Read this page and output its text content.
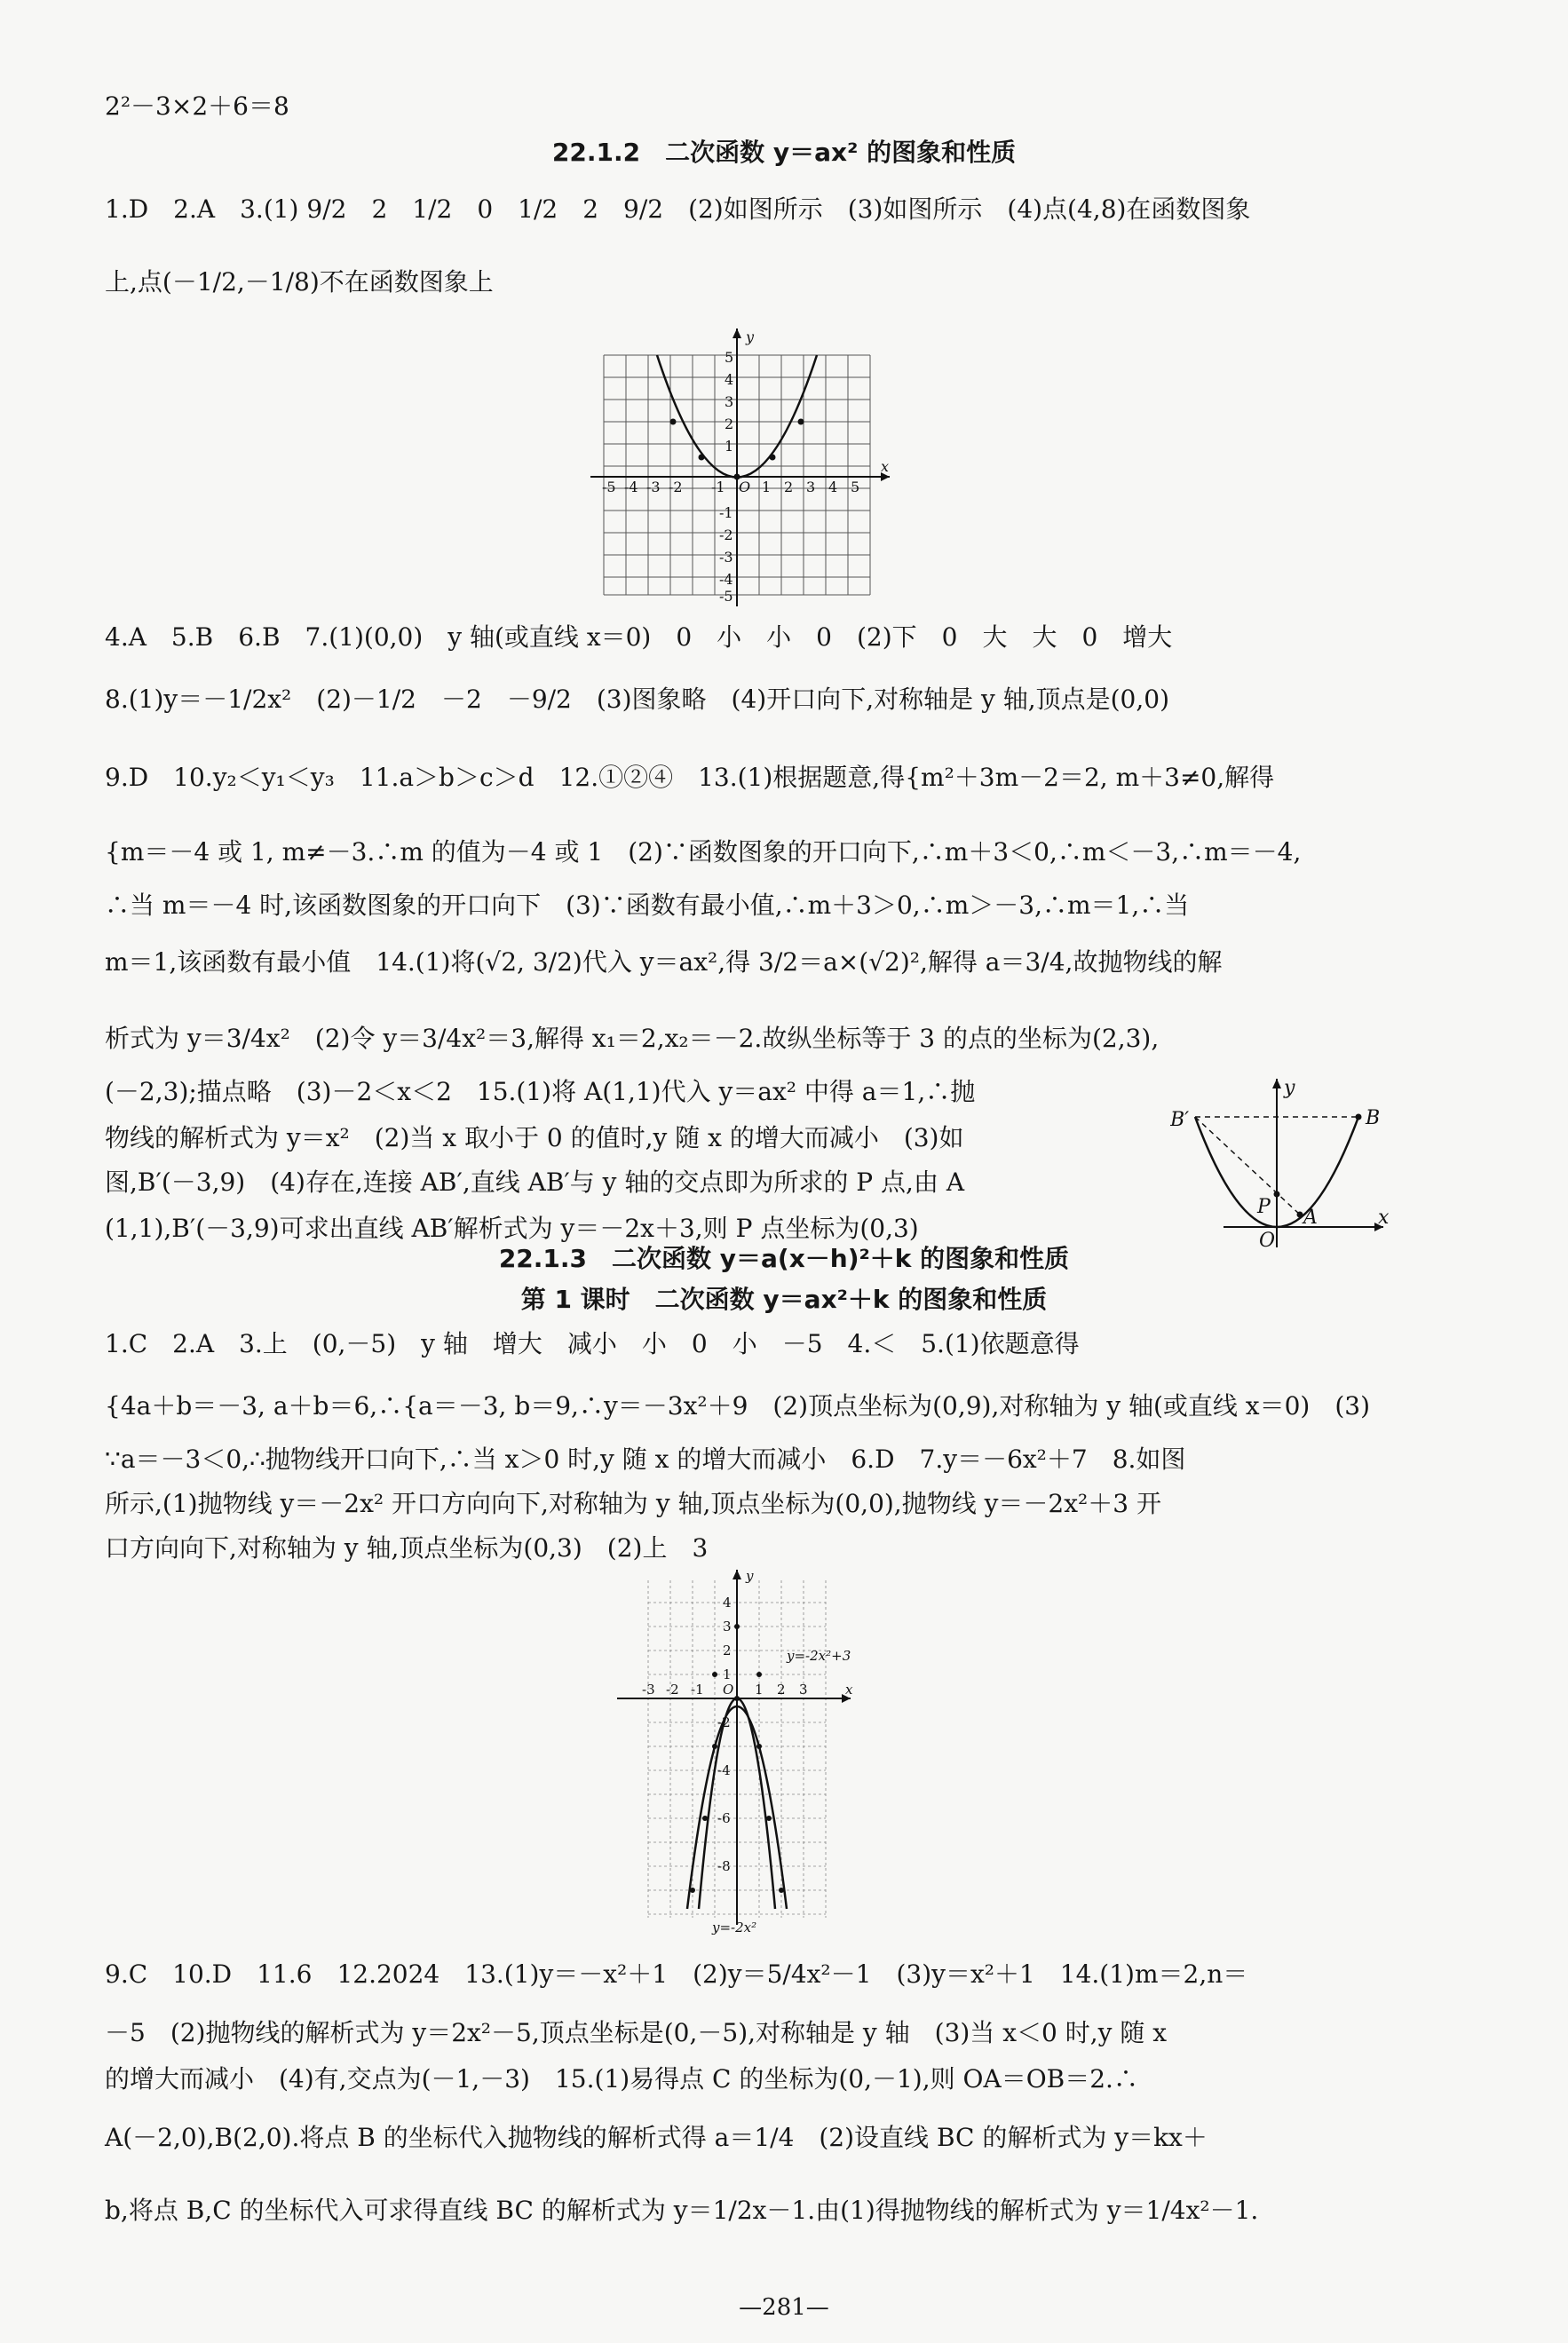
2²－3×2＋6＝8
22.1.2　二次函数 y＝ax² 的图象和性质
1.D　2.A　3.(1) 9/2　2　1/2　0　1/2　2　9/2　(2)如图所示　(3)如图所示　(4)点(4,8)在函数图象
上,点(－1/2,－1/8)不在函数图象上
y
x
O
-5 -4 -3 -2 -1	1 2 3 4 5
5
4
3
2
1
-1
-2
-3
-4
-5
4.A　5.B　6.B　7.(1)(0,0)　y 轴(或直线 x＝0)　0　小　小　0　(2)下　0　大　大　0　增大
8.(1)y＝－1/2x²　(2)－1/2　－2　－9/2　(3)图象略　(4)开口向下,对称轴是 y 轴,顶点是(0,0)
9.D　10.y₂＜y₁＜y₃　11.a＞b＞c＞d　12.①②④　13.(1)根据题意,得{m²＋3m－2＝2, m＋3≠0,解得
{m＝－4 或 1, m≠－3.∴m 的值为－4 或 1　(2)∵函数图象的开口向下,∴m＋3＜0,∴m＜－3,∴m＝－4,
∴当 m＝－4 时,该函数图象的开口向下　(3)∵函数有最小值,∴m＋3＞0,∴m＞－3,∴m＝1,∴当
m＝1,该函数有最小值　14.(1)将(√2, 3/2)代入 y＝ax²,得 3/2＝a×(√2)²,解得 a＝3/4,故抛物线的解
析式为 y＝3/4x²　(2)令 y＝3/4x²＝3,解得 x₁＝2,x₂＝－2.故纵坐标等于 3 的点的坐标为(2,3),
(－2,3);描点略　(3)－2＜x＜2　15.(1)将 A(1,1)代入 y＝ax² 中得 a＝1,∴抛
物线的解析式为 y＝x²　(2)当 x 取小于 0 的值时,y 随 x 的增大而减小　(3)如
图,B′(－3,9)　(4)存在,连接 AB′,直线 AB′与 y 轴的交点即为所求的 P 点,由 A
(1,1),B′(－3,9)可求出直线 AB′解析式为 y＝－2x＋3,则 P 点坐标为(0,3)
y
x
O
B′	B
P A
22.1.3　二次函数 y＝a(x－h)²＋k 的图象和性质
第 1 课时　二次函数 y＝ax²＋k 的图象和性质
1.C　2.A　3.上　(0,－5)　y 轴　增大　减小　小　0　小　－5　4.＜　5.(1)依题意得
{4a＋b＝－3, a＋b＝6,∴{a＝－3, b＝9,∴y＝－3x²＋9　(2)顶点坐标为(0,9),对称轴为 y 轴(或直线 x＝0)　(3)
∵a＝－3＜0,∴抛物线开口向下,∴当 x＞0 时,y 随 x 的增大而减小　6.D　7.y＝－6x²＋7　8.如图
所示,(1)抛物线 y＝－2x² 开口方向向下,对称轴为 y 轴,顶点坐标为(0,0),抛物线 y＝－2x²＋3 开
口方向向下,对称轴为 y 轴,顶点坐标为(0,3)　(2)上　3
y
x
O
-3 -2 -1	1 2 3
4
3
2
1
-2
-4
-6
-8
y=-2x²+3
y=-2x²
9.C　10.D　11.6　12.2024　13.(1)y＝－x²＋1　(2)y＝5/4x²－1　(3)y＝x²＋1　14.(1)m＝2,n＝
－5　(2)抛物线的解析式为 y＝2x²－5,顶点坐标是(0,－5),对称轴是 y 轴　(3)当 x＜0 时,y 随 x
的增大而减小　(4)有,交点为(－1,－3)　15.(1)易得点 C 的坐标为(0,－1),则 OA＝OB＝2.∴
A(－2,0),B(2,0).将点 B 的坐标代入抛物线的解析式得 a＝1/4　(2)设直线 BC 的解析式为 y＝kx＋
b,将点 B,C 的坐标代入可求得直线 BC 的解析式为 y＝1/2x－1.由(1)得抛物线的解析式为 y＝1/4x²－1.
—281—
